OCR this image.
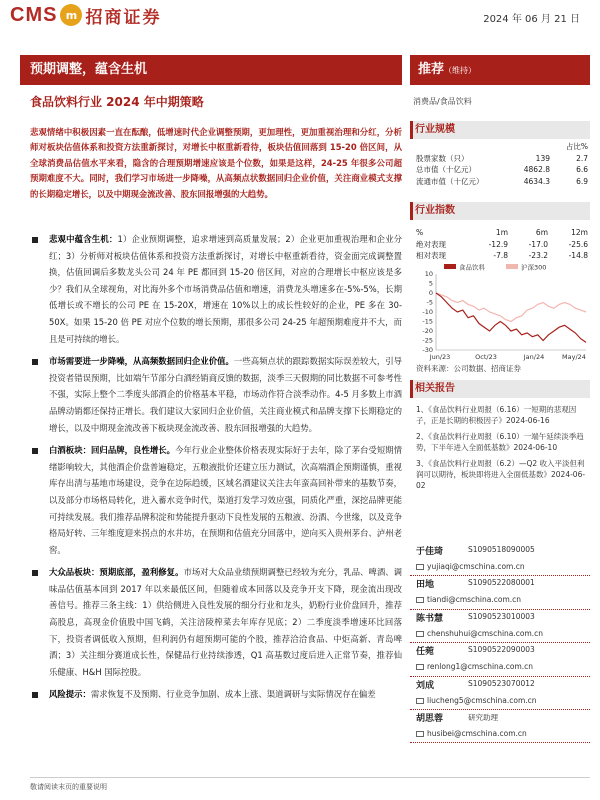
CMS m 招商证券	2024 年 06 月 21 日
预期调整，蕴含生机	推荐（维持）
食品饮料行业 2024 年中期策略	消费品/食品饮料
悲观情绪中积极因素一直在酝酿，低增速时代企业调整预期，更加理性，更加重视治理和分红，分析师对板块估值体系和投资方法重新探讨，对增长中枢重新看待，板块估值回落到 15-20 倍区间，从全球消费品估值水平来看，隐含的合理预期增速应该是个位数，如果是这样，24-25 年很多公司超预期难度不大。同时，我们学习市场进一步降噪，从高频点状数据回归企业价值，关注商业模式支撑的长期稳定增长，以及中期现金流改善、股东回报增强的大趋势。
悲观中蕴含生机：1）企业预期调整，追求增速到高质量发展；2）企业更加重视治理和企业分红；3）分析师对板块估值体系和投资方法重新探讨，对增长中枢重新看待，资金面完成调整置换，估值回调后多数龙头公司 24 年 PE 都回到 15-20 倍区间，对应的合理增长中枢应该是多少？我们从全球视角，对比海外多个市场消费品估值和增速，消费龙头增速多在-5%-5%，长期低增长或不增长的公司 PE 在 15-20X，增速在 10%以上的成长性较好的企业，PE 多在 30-50X。如果 15-20 倍 PE 对应个位数的增长预期，那很多公司 24-25 年超预期难度并不大，而且是可持续的增长。
市场需要进一步降噪，从高频数据回归企业价值。一些高频点状的跟踪数据实际误差较大，引导投资者错误预期，比如端午节部分白酒经销商反馈的数据，淡季三天假期的同比数据不可参考性不强，实际上整个二季度头部酒企的价格基本平稳，市场动作符合淡季动作。4-5 月多数上市酒品牌动销都还保持正增长。我们建议大家回归企业价值，关注商业模式和品牌支撑下长期稳定的增长，以及中期现金流改善下板块现金流改善、股东回报增强的大趋势。
白酒板块：回归品牌，良性增长。今年行业企业整体价格表现实际好于去年，除了茅台受短期情绪影响较大，其他酒企价盘普遍稳定，五粮液批价还建立压力测试，次高端酒企预期谨慎，重视库存出清与基地市场建设，竞争在边际趋缓，区域名酒建议关注去年蛮高回补带来的基数节奏，以及部分市场格局转化，进入蓄水竞争时代，渠道打发学习效应强，同质化严重，深挖品牌更能可持续发展。我们推荐品牌积淀和势能提升驱动下良性发展的五粮液、汾酒、今世缘，以及竞争格局好转、三年维度迎来拐点的水井坊，在预期和估值充分回落中，逆向买入贵州茅台、泸州老窖。
大众品板块：预期底部，盈利修复。市场对大众品业绩预期调整已经较为充分，乳品、啤酒、调味品估值基本回到 2017 年以来最低区间，但随着成本回落以及竞争开支下降，现金流出现改善信号。推荐三条主线：1）供给侧进入良性发展的细分行业和龙头，奶粉行业价盘回升，推荐高股息，高现金价值股中国飞鹤，关注涪陵榨菜去年库存见底；2）二季度淡季增速环比回落下，投资者调低收入预期，但利润仍有超预期可能的个股，推荐洽洽食品、中炬高新、青岛啤酒；3）关注细分赛道成长性，保健品行业持续渗透，Q1 高基数过度后进入正常节奏，推荐仙乐健康、H&H 国际控股。
风险提示：需求恢复不及预期、行业竞争加剧、成本上涨、渠道调研与实际情况存在偏差
行业规模
占比%
股票家数（只）	139	2.7
总市值（十亿元）	4862.8	6.6
流通市值（十亿元）	4634.3	6.9
行业指数
%	1m	6m	12m
绝对表现	-12.9	-17.0	-25.6
相对表现	-7.8	-23.2	-14.8
食品饮料	沪深300
10
5
0
-5
-10
-15
-20
-25
-30
Jun/23	Oct/23	Jan/24	May/24
资料来源：公司数据、招商证券
相关报告
1、《食品饮料行业周报（6.16）一短期的悲观因子，正是长期的积极因子》2024-06-16
2、《食品饮料行业周报（6.10）一端午延续淡季趋势，下半年进入全面低基数》2024-06-10
3、《食品饮料行业周报（6.2）—Q2 收入平淡但利润可以期待，板块即将进入全面低基数》2024-06-02
于佳琦	S1090518090005
yujiaqi@cmschina.com.cn
田地	S1090522080001
tiandi@cmschina.com.cn
陈书慧	S1090523010003
chenshuhui@cmschina.com.cn
任菀	S1090522090003
renlong1@cmschina.com.cn
刘成	S1090523070012
liucheng5@cmschina.com.cn
胡思蓉	研究助理
husibei@cmschina.com.cn
敬请阅读末页的重要说明
